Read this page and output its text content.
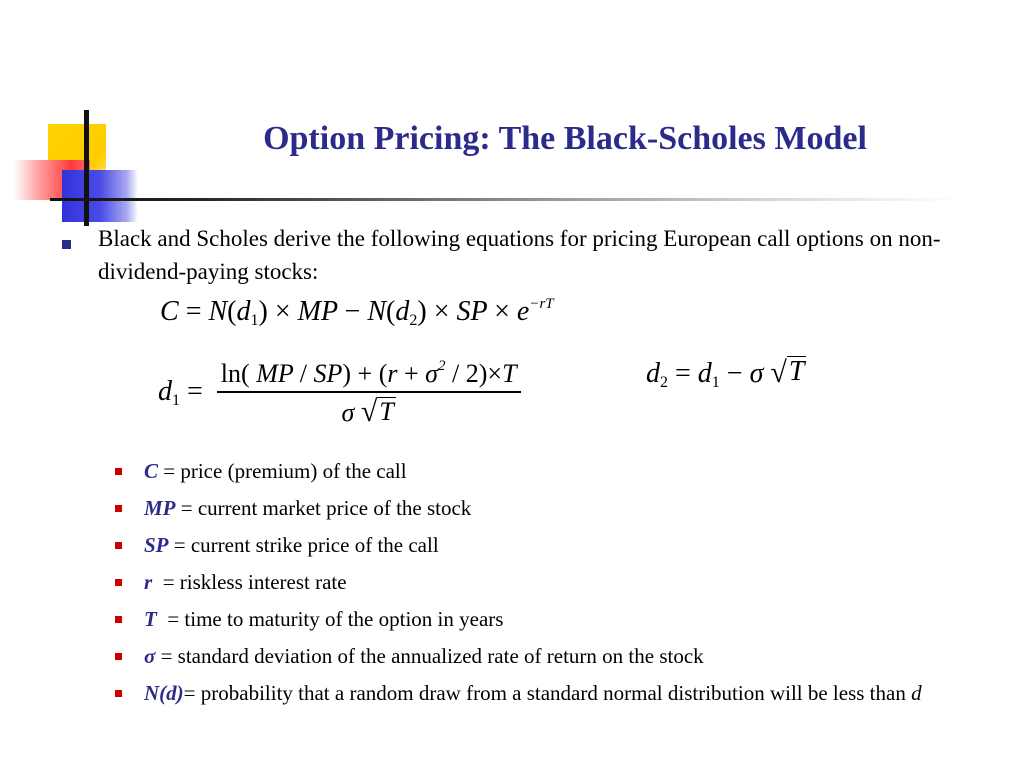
Option Pricing: The Black-Scholes Model

Black and Scholes derive the following equations for pricing European call options on non-dividend-paying stocks:

$C = N(d_1)$ × MP − $N(d_2)$ × SP × $e^{-rT}$
$d_1$ =
ln( MP / $SP) + (r + \sigma^2 / 2)\times T$
σ √ T
$d_2 = d_1 - \sigma$ √ T
C = price (premium) of the call
MP = current market price of the stock
SP = current strike price of the call
r  = riskless interest rate
T  = time to maturity of the option in years
σ = standard deviation of the annualized rate of return on the stock
N(d)= probability that a random draw from a standard normal distribution will be less than d
